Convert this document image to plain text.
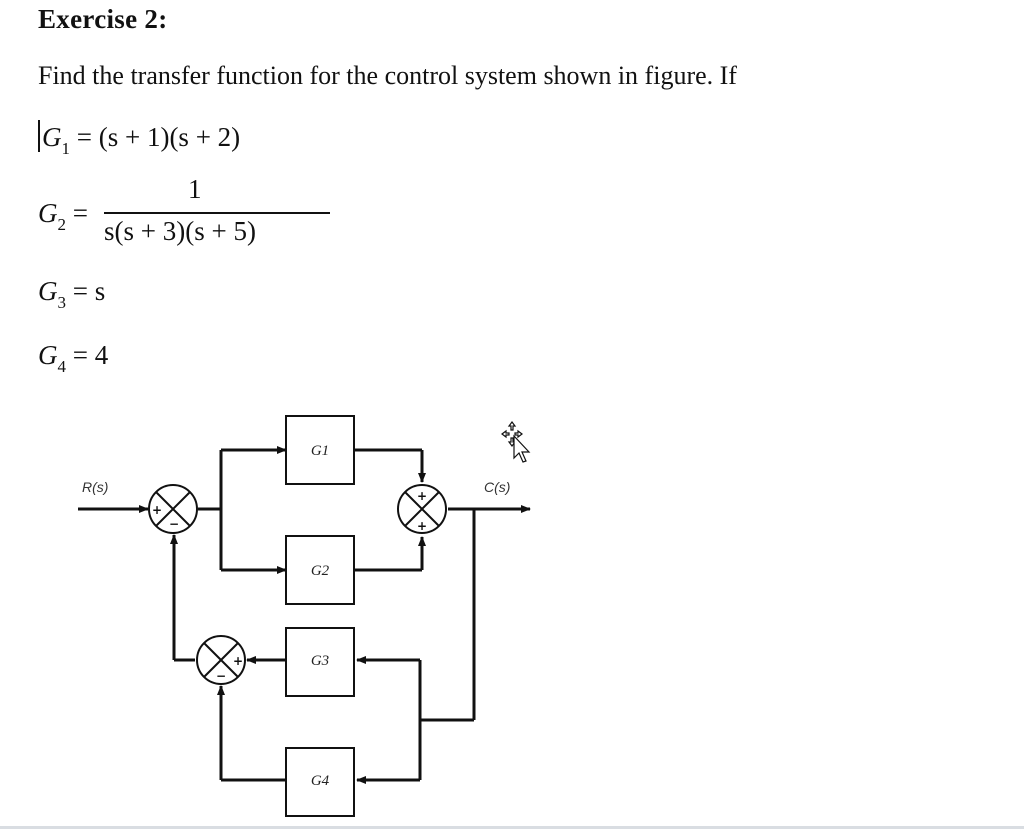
Exercise 2:
Find the transfer function for the control system shown in figure. If
$G_1 = (s + 1)(s + 2)$
$G_2$ =
1
s(s + 3)(s + 5)
$G_3 = s$
$G_4 = 4$
G1
G2
G3
G4
+
−
+
+
+
−
R(s)	C(s)
